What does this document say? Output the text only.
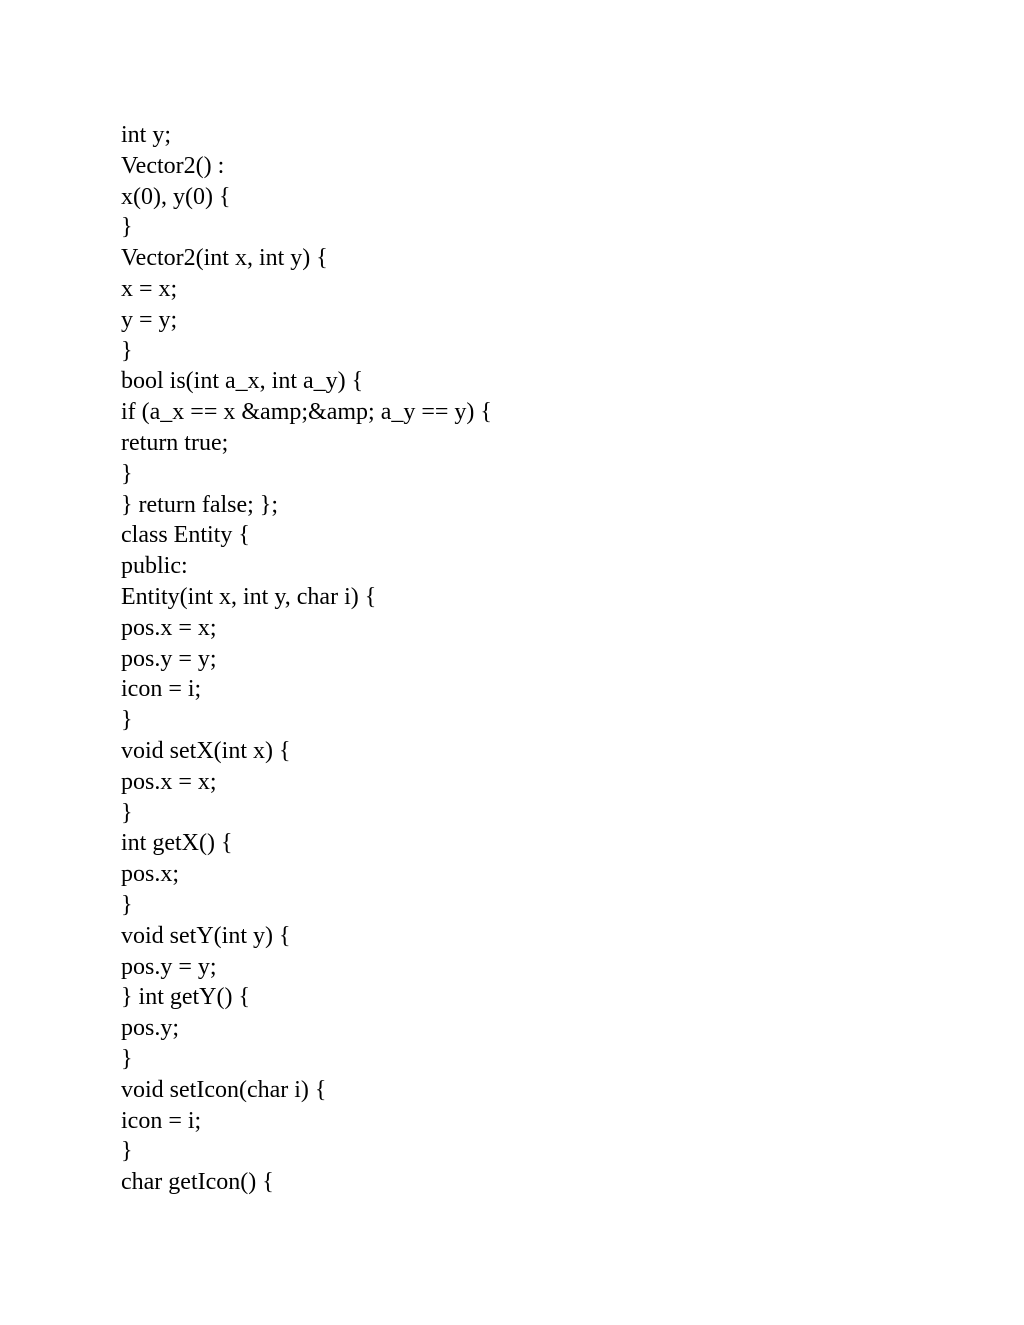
int y;
Vector2() :
x(0), y(0) {
}
Vector2(int x, int y) {
x = x;
y = y;
}
bool is(int a_x, int a_y) {
if (a_x == x &amp;&amp; a_y == y) {
return true;
}
} return false; };
class Entity {
public:
Entity(int x, int y, char i) {
pos.x = x;
pos.y = y;
icon = i;
}
void setX(int x) {
pos.x = x;
}
int getX() {
pos.x;
}
void setY(int y) {
pos.y = y;
} int getY() {
pos.y;
}
void setIcon(char i) {
icon = i;
}
char getIcon() {
